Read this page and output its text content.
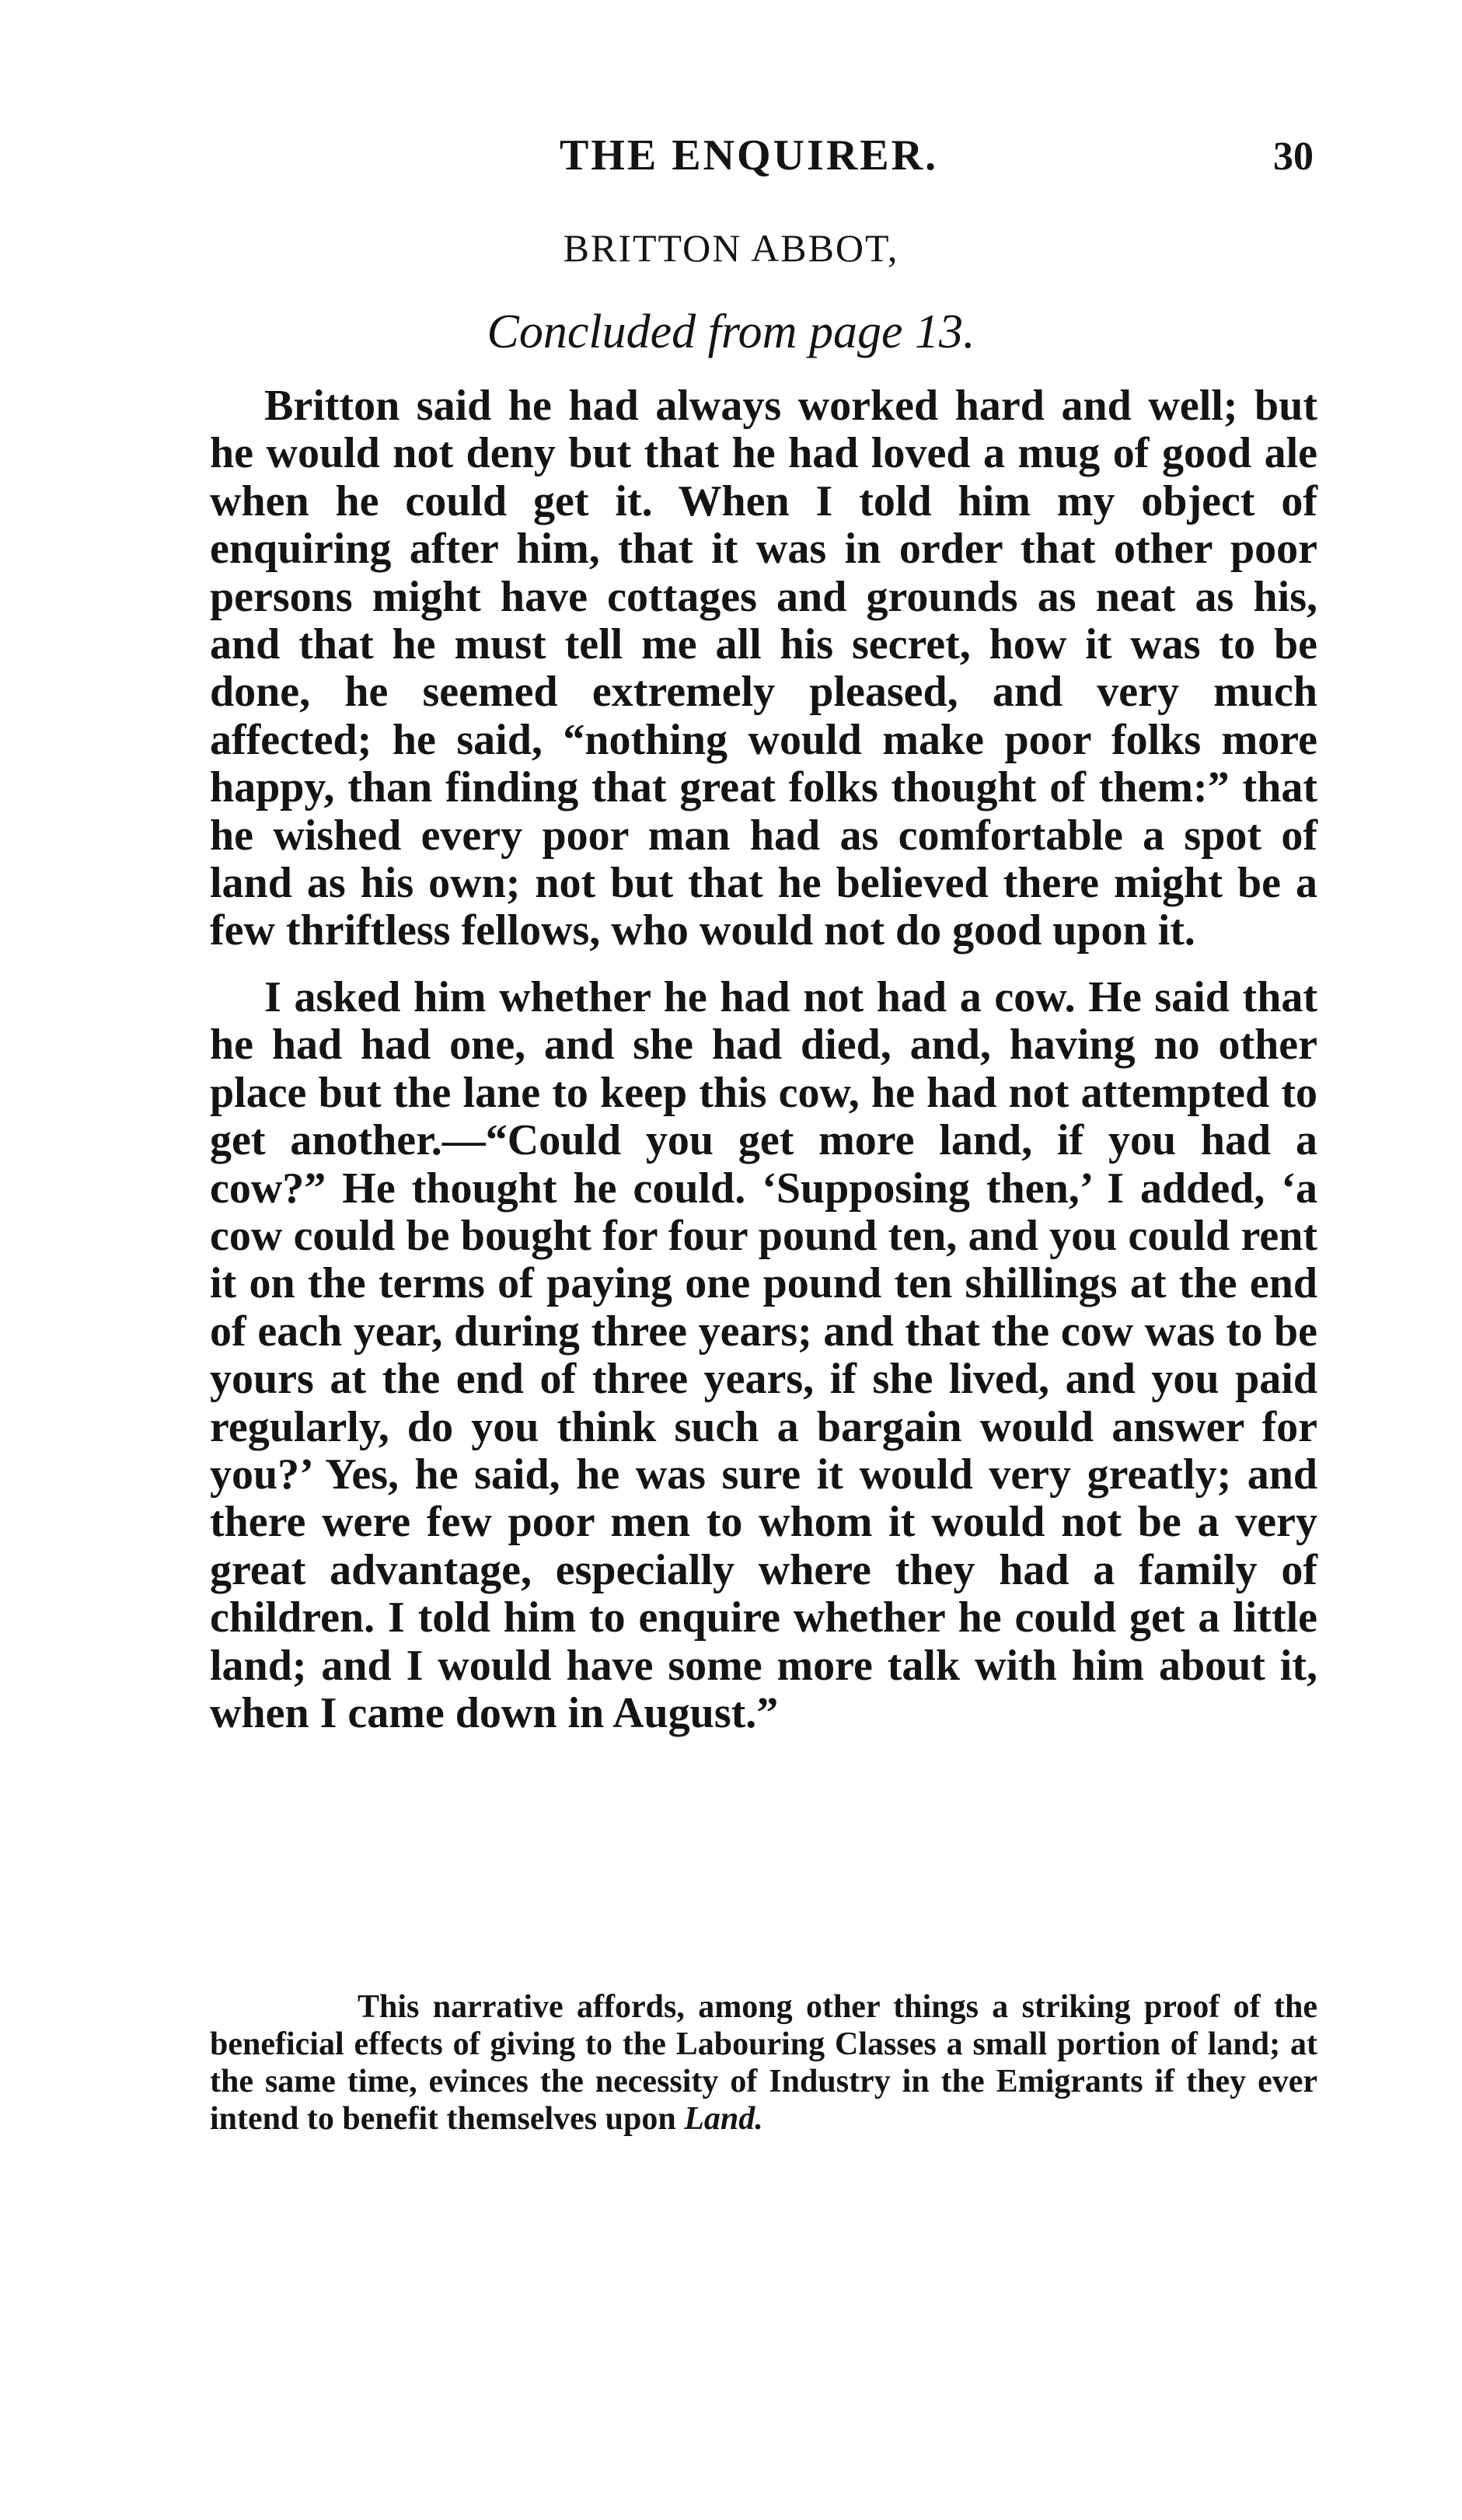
THE ENQUIRER.	30
BRITTON ABBOT,
Concluded from page 13.

Britton said he had always worked hard and well; but he would not deny but that he had loved a mug of good ale when he could get it. When I told him my object of enquiring after him, that it was in order that other poor persons might have cottages and grounds as neat as his, and that he must tell me all his secret, how it was to be done, he seemed extremely pleased, and very much affected; he said, “nothing would make poor folks more happy, than finding that great folks thought of them:” that he wished every poor man had as comfortable a spot of land as his own; not but that he believed there might be a few thriftless fellows, who would not do good upon it.

I asked him whether he had not had a cow. He said that he had had one, and she had died, and, having no other place but the lane to keep this cow, he had not attempted to get another.—“Could you get more land, if you had a cow?” He thought he could. ‘Supposing then,’ I added, ‘a cow could be bought for four pound ten, and you could rent it on the terms of paying one pound ten shillings at the end of each year, during three years; and that the cow was to be yours at the end of three years, if she lived, and you paid regularly, do you think such a bargain would answer for you?’ Yes, he said, he was sure it would very greatly; and there were few poor men to whom it would not be a very great advantage, especially where they had a family of children. I told him to enquire whether he could get a little land; and I would have some more talk with him about it, when I came down in August.”

This narrative affords, among other things a striking proof of the beneficial effects of giving to the Labouring Classes a small portion of land; at the same time, evinces the necessity of Industry in the Emigrants if they ever intend to benefit themselves upon Land.
